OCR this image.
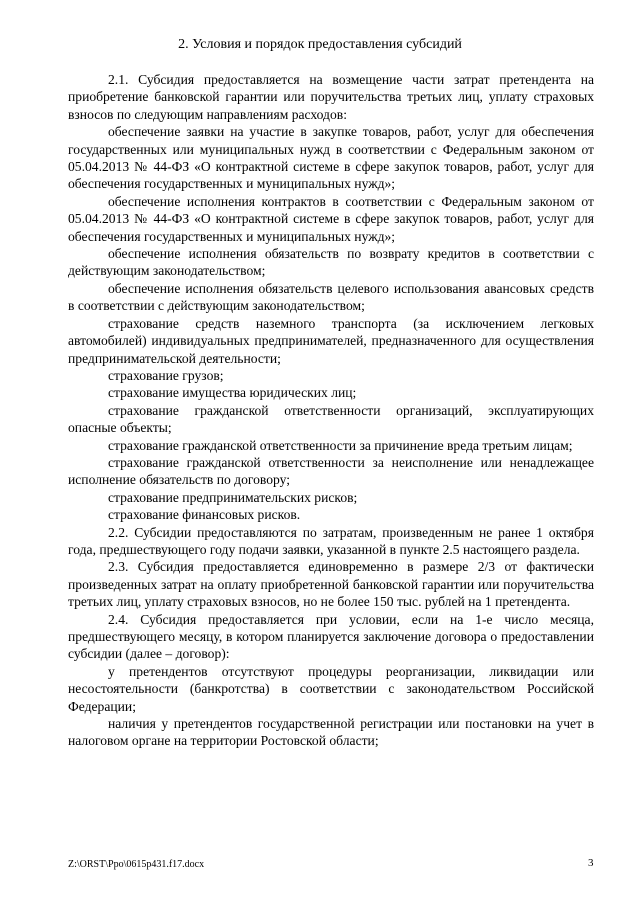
2. Условия и порядок предоставления субсидий

2.1. Субсидия предоставляется на возмещение части затрат претендента на приобретение банковской гарантии или поручительства третьих лиц, уплату страховых взносов по следующим направлениям расходов:

обеспечение заявки на участие в закупке товаров, работ, услуг для обеспечения государственных или муниципальных нужд в соответствии с Федеральным законом от 05.04.2013 № 44-ФЗ «О контрактной системе в сфере закупок товаров, работ, услуг для обеспечения государственных и муниципальных нужд»;

обеспечение исполнения контрактов в соответствии с Федеральным законом от 05.04.2013 № 44-ФЗ «О контрактной системе в сфере закупок товаров, работ, услуг для обеспечения государственных и муниципальных нужд»;

обеспечение исполнения обязательств по возврату кредитов в соответствии с действующим законодательством;

обеспечение исполнения обязательств целевого использования авансовых средств в соответствии с действующим законодательством;

страхование средств наземного транспорта (за исключением легковых автомобилей) индивидуальных предпринимателей, предназначенного для осуществления предпринимательской деятельности;

страхование грузов;

страхование имущества юридических лиц;

страхование гражданской ответственности организаций, эксплуатирующих опасные объекты;

страхование гражданской ответственности за причинение вреда третьим лицам;

страхование гражданской ответственности за неисполнение или ненадлежащее исполнение обязательств по договору;

страхование предпринимательских рисков;

страхование финансовых рисков.

2.2. Субсидии предоставляются по затратам, произведенным не ранее 1 октября года, предшествующего году подачи заявки, указанной в пункте 2.5 настоящего раздела.

2.3. Субсидия предоставляется единовременно в размере 2/3 от фактически произведенных затрат на оплату приобретенной банковской гарантии или поручительства третьих лиц, уплату страховых взносов, но не более 150 тыс. рублей на 1 претендента.

2.4. Субсидия предоставляется при условии, если на 1-е число месяца, предшествующего месяцу, в котором планируется заключение договора о предоставлении субсидии (далее – договор):

у претендентов отсутствуют процедуры реорганизации, ликвидации или несостоятельности (банкротства) в соответствии с законодательством Российской Федерации;

наличия у претендентов государственной регистрации или постановки на учет в налоговом органе на территории Ростовской области;

Z:\ORST\Ppo\0615p431.f17.docx	3
